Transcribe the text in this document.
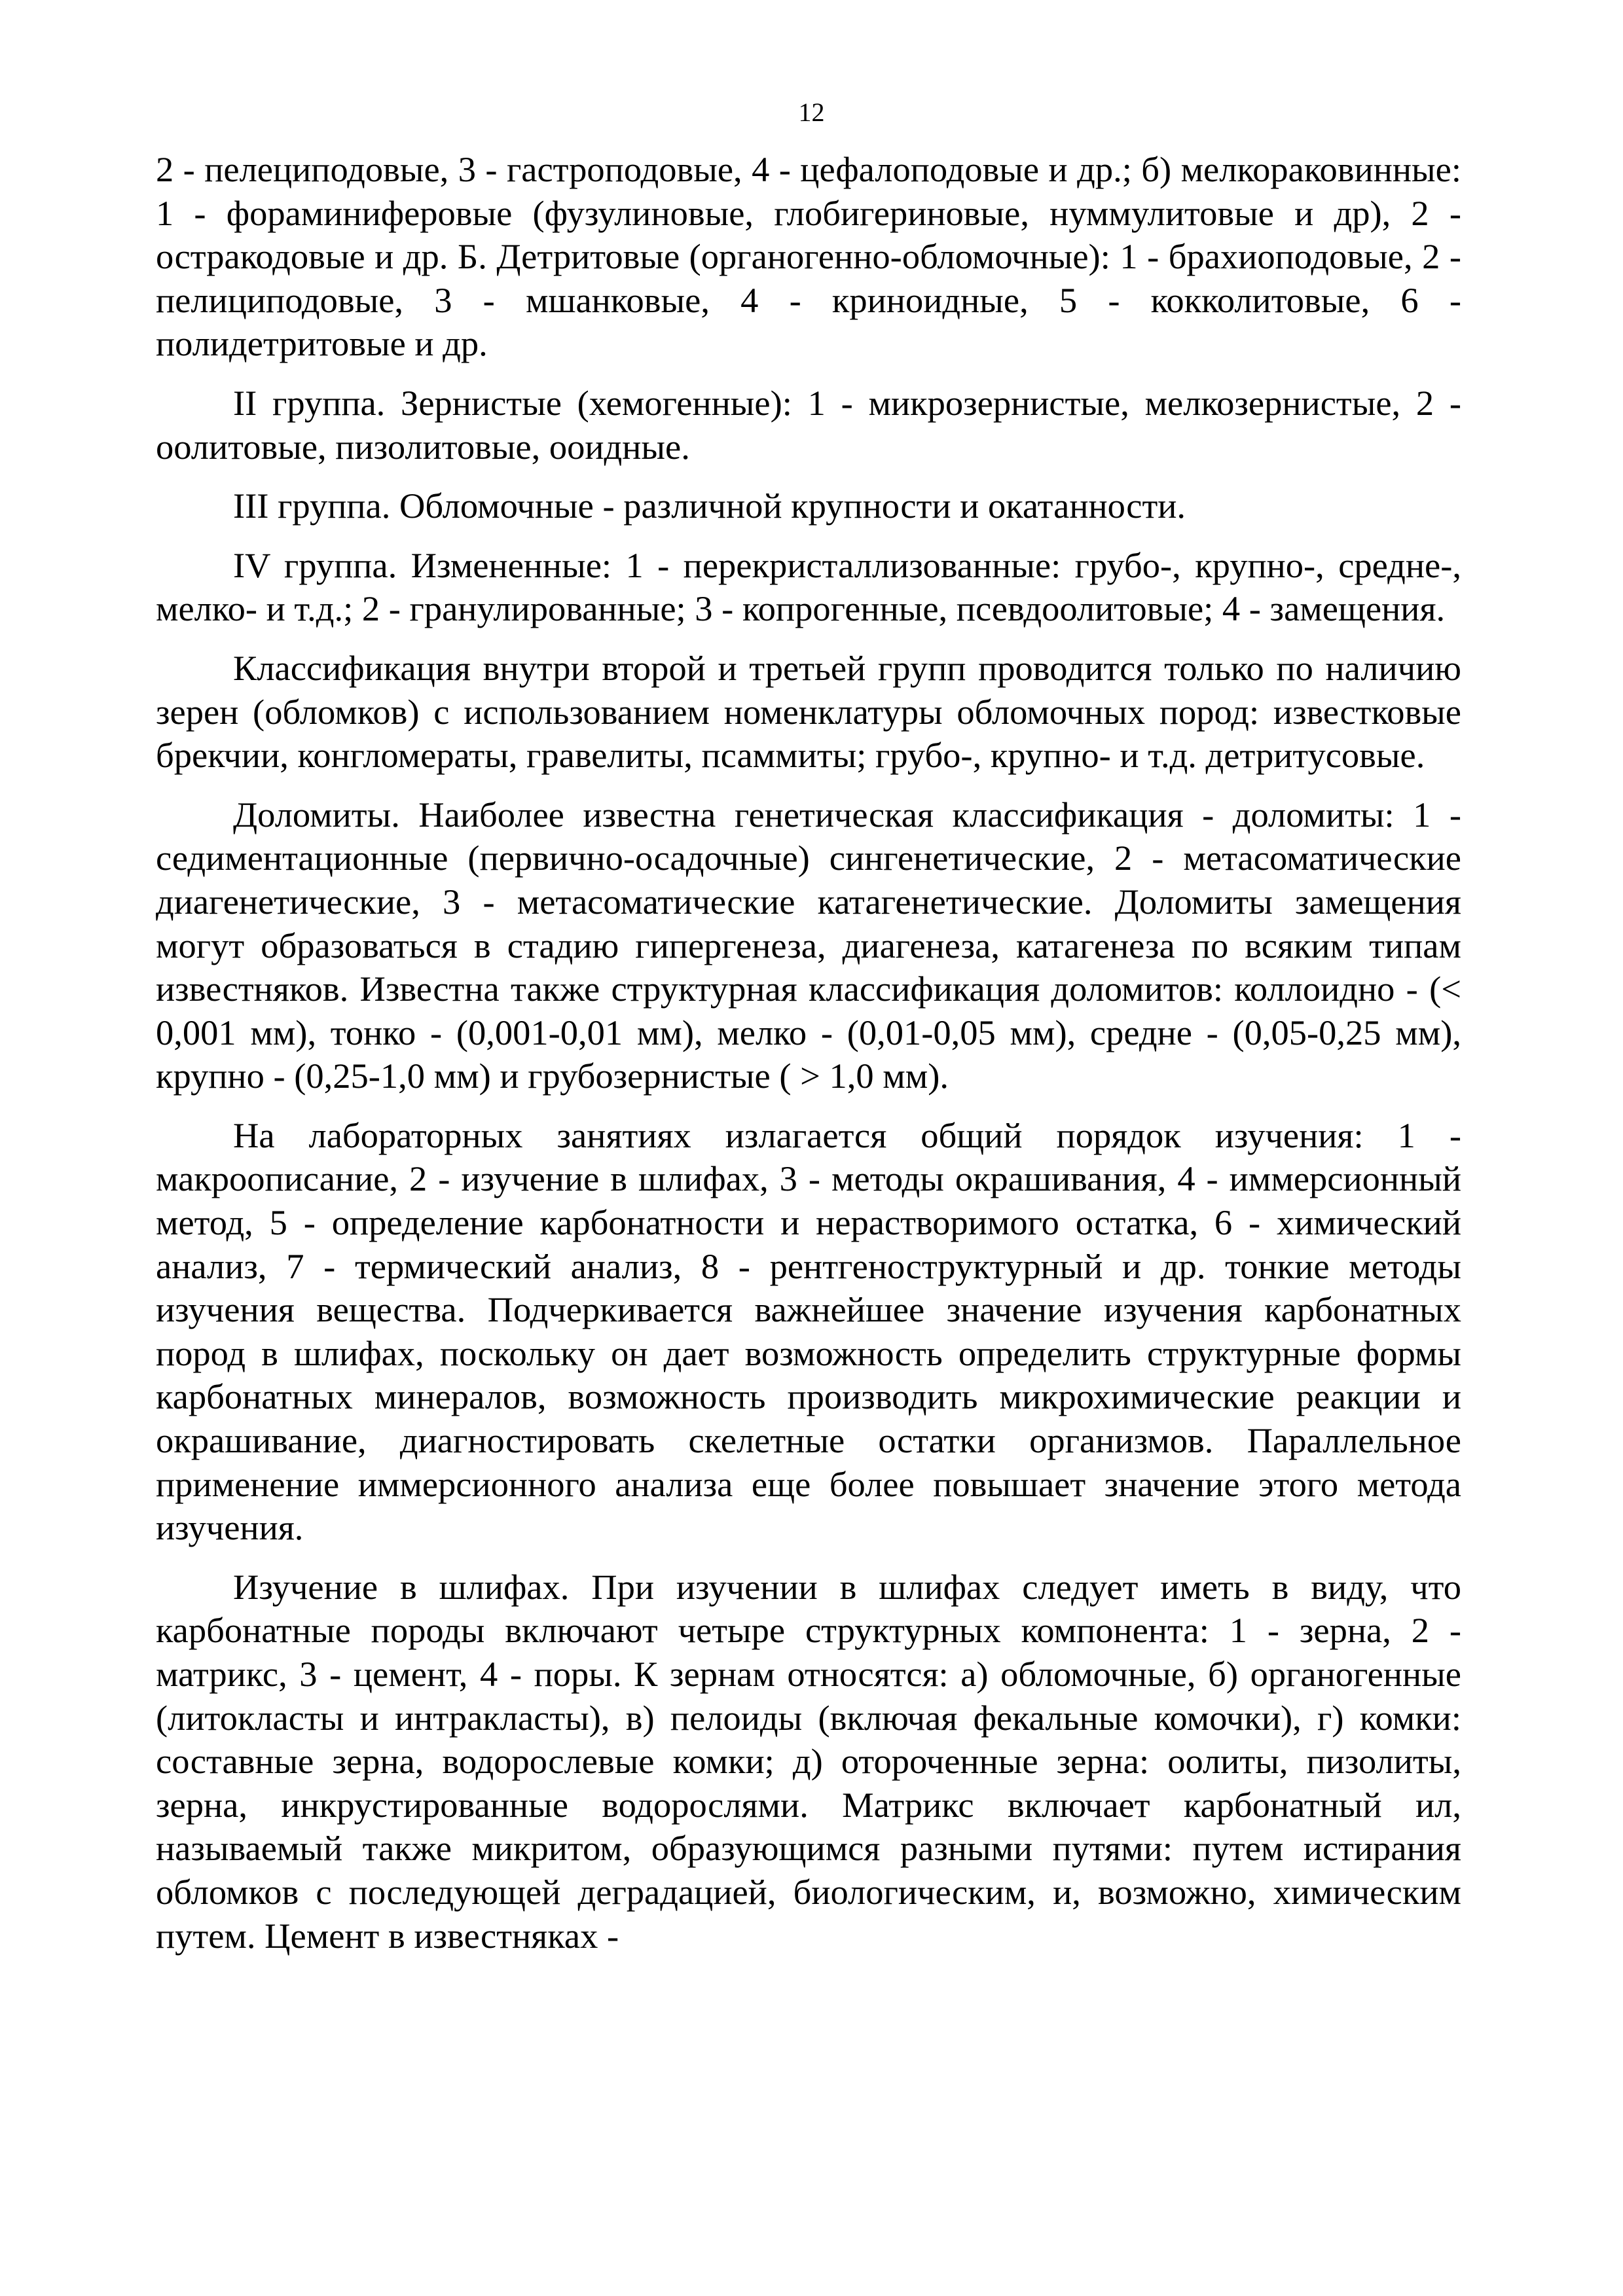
12

2 - пелециподовые, 3 - гастроподовые, 4 - цефалоподовые и др.; б) мелкораковинные: 1 - фораминиферовые (фузулиновые, глобигериновые, нуммулитовые и др), 2 - остракодовые и др. Б. Детритовые (органогенно-обломочные): 1 - брахиоподовые, 2 - пелициподовые, 3 - мшанковые, 4 - криноидные, 5 - кокколитовые, 6 - полидетритовые и др.

II группа. Зернистые (хемогенные): 1 - микрозернистые, мелкозернистые, 2 - оолитовые, пизолитовые, ооидные.

III группа. Обломочные - различной крупности и окатанности.

IV группа. Измененные: 1 - перекристаллизованные: грубо-, крупно-, средне-, мелко- и т.д.; 2 - гранулированные; 3 - копрогенные, псевдоолитовые; 4 - замещения.

Классификация внутри второй и третьей групп проводится только по наличию зерен (обломков) с использованием номенклатуры обломочных пород: известковые брекчии, конгломераты, гравелиты, псаммиты; грубо-, крупно- и т.д. детритусовые.

Доломиты. Наиболее известна генетическая классификация - доломиты: 1 - седиментационные (первично-осадочные) сингенетические, 2 - метасоматические диагенетические, 3 - метасоматические катагенетические. Доломиты замещения могут образоваться в стадию гипергенеза, диагенеза, катагенеза по всяким типам известняков. Известна также структурная классификация доломитов: коллоидно - (< 0,001 мм), тонко - (0,001-0,01 мм), мелко - (0,01-0,05 мм), средне - (0,05-0,25 мм), крупно - (0,25-1,0 мм) и грубозернистые ( > 1,0 мм).

На лабораторных занятиях излагается общий порядок изучения: 1 - макроописание, 2 - изучение в шлифах, 3 - методы окрашивания, 4 - иммерсионный метод, 5 - определение карбонатности и нерастворимого остатка, 6 - химический анализ, 7 - термический анализ, 8 - рентгеноструктурный и др. тонкие методы изучения вещества. Подчеркивается важнейшее значение изучения карбонатных пород в шлифах, поскольку он дает возможность определить структурные формы карбонатных минералов, возможность производить микрохимические реакции и окрашивание, диагностировать скелетные остатки организмов. Параллельное применение иммерсионного анализа еще более повышает значение этого метода изучения.

Изучение в шлифах. При изучении в шлифах следует иметь в виду, что карбонатные породы включают четыре структурных компонента: 1 - зерна, 2 - матрикс, 3 - цемент, 4 - поры. К зернам относятся: а) обломочные, б) органогенные (литокласты и интракласты), в) пелоиды (включая фекальные комочки), г) комки: составные зерна, водорослевые комки; д) отороченные зерна: оолиты, пизолиты, зерна, инкрустированные водорослями. Матрикс включает карбонатный ил, называемый также микритом, образующимся разными путями: путем истирания обломков с последующей деградацией, биологическим, и, возможно, химическим путем. Цемент в известняках -
